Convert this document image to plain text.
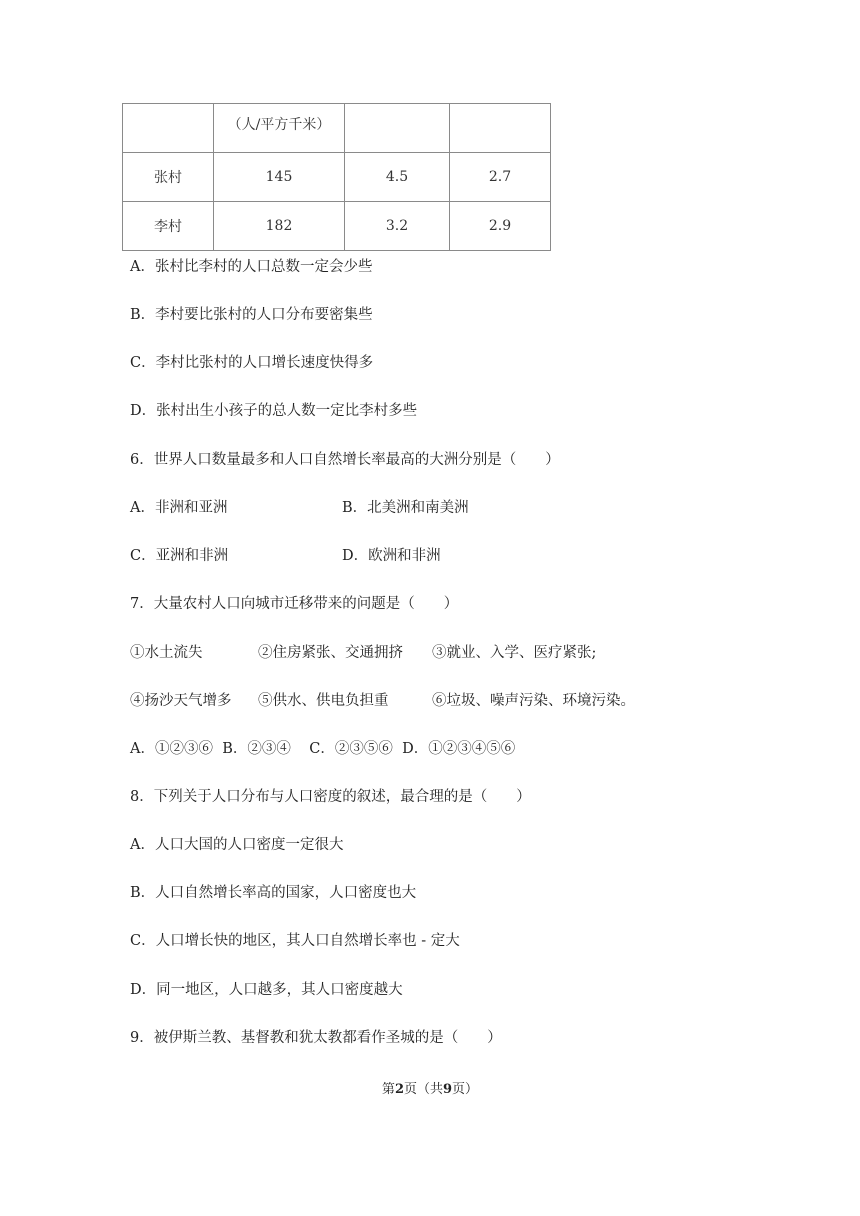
	（人/平方千米）		
张村	145	4.5	2.7
李村	182	3.2	2.9
A．张村比李村的人口总数一定会少些
B．李村要比张村的人口分布要密集些
C．李村比张村的人口增长速度快得多
D．张村出生小孩子的总人数一定比李村多些
6．世界人口数量最多和人口自然增长率最高的大洲分别是（　　）
A．非洲和亚洲	B．北美洲和南美洲
C．亚洲和非洲	D．欧洲和非洲
7．大量农村人口向城市迁移带来的问题是（　　）
①水土流失	②住房紧张、交通拥挤 ③就业、入学、医疗紧张;
④扬沙天气增多 ⑤供水、供电负担重	⑥垃圾、噪声污染、环境污染。
A．①②③⑥  B．②③④    C．②③⑤⑥  D．①②③④⑤⑥
8．下列关于人口分布与人口密度的叙述，最合理的是（　　）
A．人口大国的人口密度一定很大
B．人口自然增长率高的国家，人口密度也大
C．人口增长快的地区，其人口自然增长率也 - 定大
D．同一地区，人口越多，其人口密度越大
9．被伊斯兰教、基督教和犹太教都看作圣城的是（　　）
第2页（共9页）
